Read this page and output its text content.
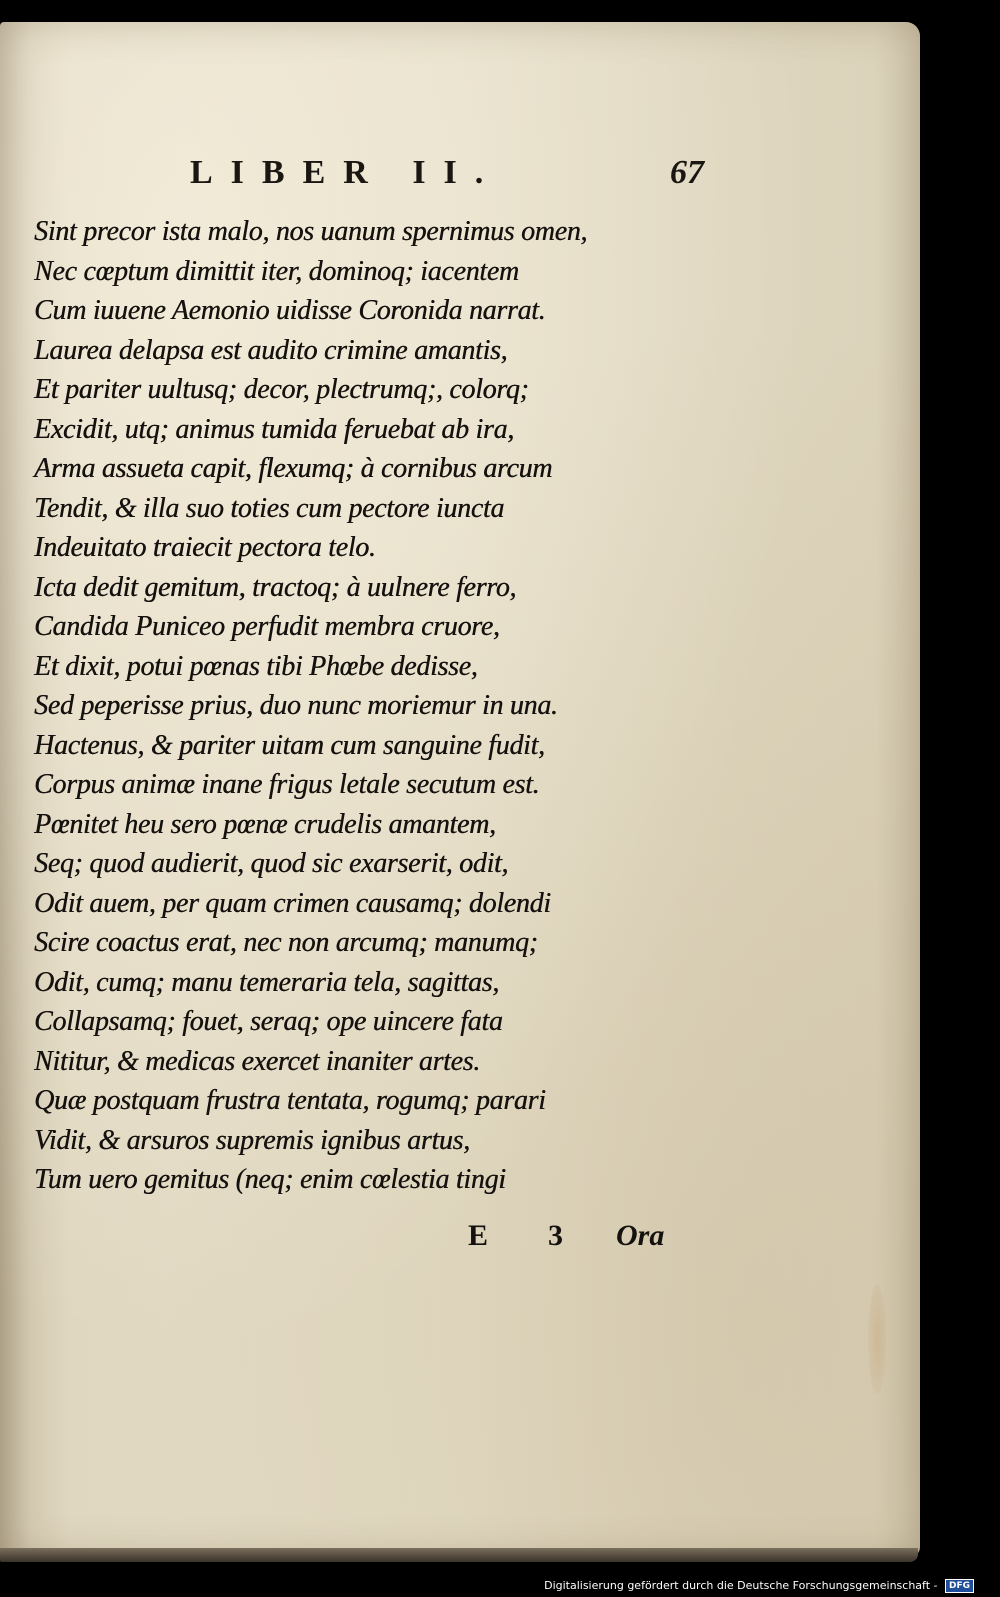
LIBER II.	67
Sint precor ista malo, nos uanum spernimus omen,
Nec cœptum dimittit iter, dominoq; iacentem
Cum iuuene Aemonio uidisse Coronida narrat.
Laurea delapsa est audito crimine amantis,
Et pariter uultusq; decor, plectrumq;, colorq;
Excidit, utq; animus tumida feruebat ab ira,
Arma assueta capit, flexumq; à cornibus arcum
Tendit, & illa suo toties cum pectore iuncta
Indeuitato traiecit pectora telo.
Icta dedit gemitum, tractoq; à uulnere ferro,
Candida Puniceo perfudit membra cruore,
Et dixit, potui pœnas tibi Phœbe dedisse,
Sed peperisse prius, duo nunc moriemur in una.
Hactenus, & pariter uitam cum sanguine fudit,
Corpus animæ inane frigus letale secutum est.
Pœnitet heu sero pœnæ crudelis amantem,
Seq; quod audierit, quod sic exarserit, odit,
Odit auem, per quam crimen causamq; dolendi
Scire coactus erat, nec non arcumq; manumq;
Odit, cumq; manu temeraria tela, sagittas,
Collapsamq; fouet, seraq; ope uincere fata
Nititur, & medicas exercet inaniter artes.
Quæ postquam frustra tentata, rogumq; parari
Vidit, & arsuros supremis ignibus artus,
Tum uero gemitus (neq; enim cœlestia tingi
E 3 Ora
Digitalisierung gefördert durch die Deutsche Forschungsgemeinschaft - DFG
